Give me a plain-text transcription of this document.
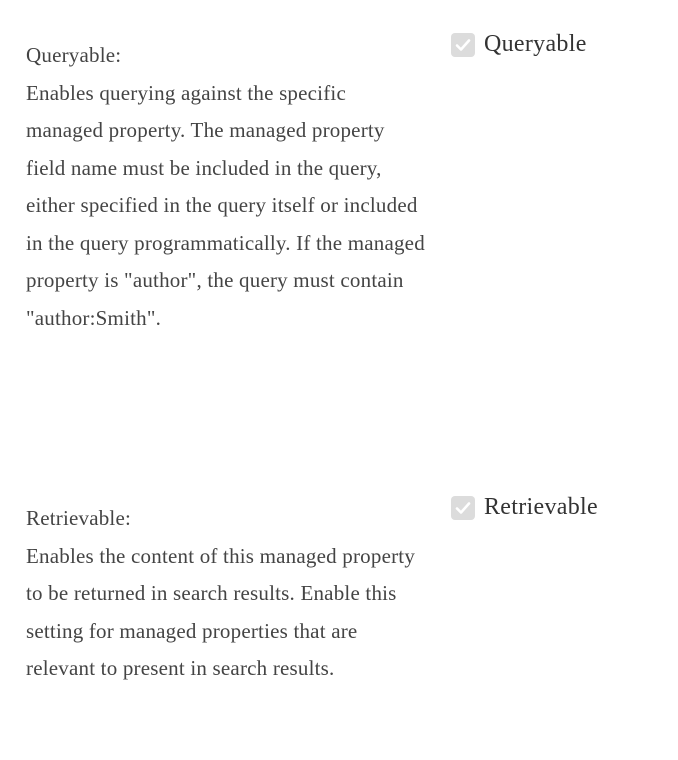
Queryable:
Enables querying against the specific managed property. The managed property field name must be included in the query, either specified in the query itself or included in the query programmatically. If the managed property is "author", the query must contain "author:Smith".
Queryable
Retrievable:
Enables the content of this managed property to be returned in search results. Enable this setting for managed properties that are relevant to present in search results.
Retrievable
